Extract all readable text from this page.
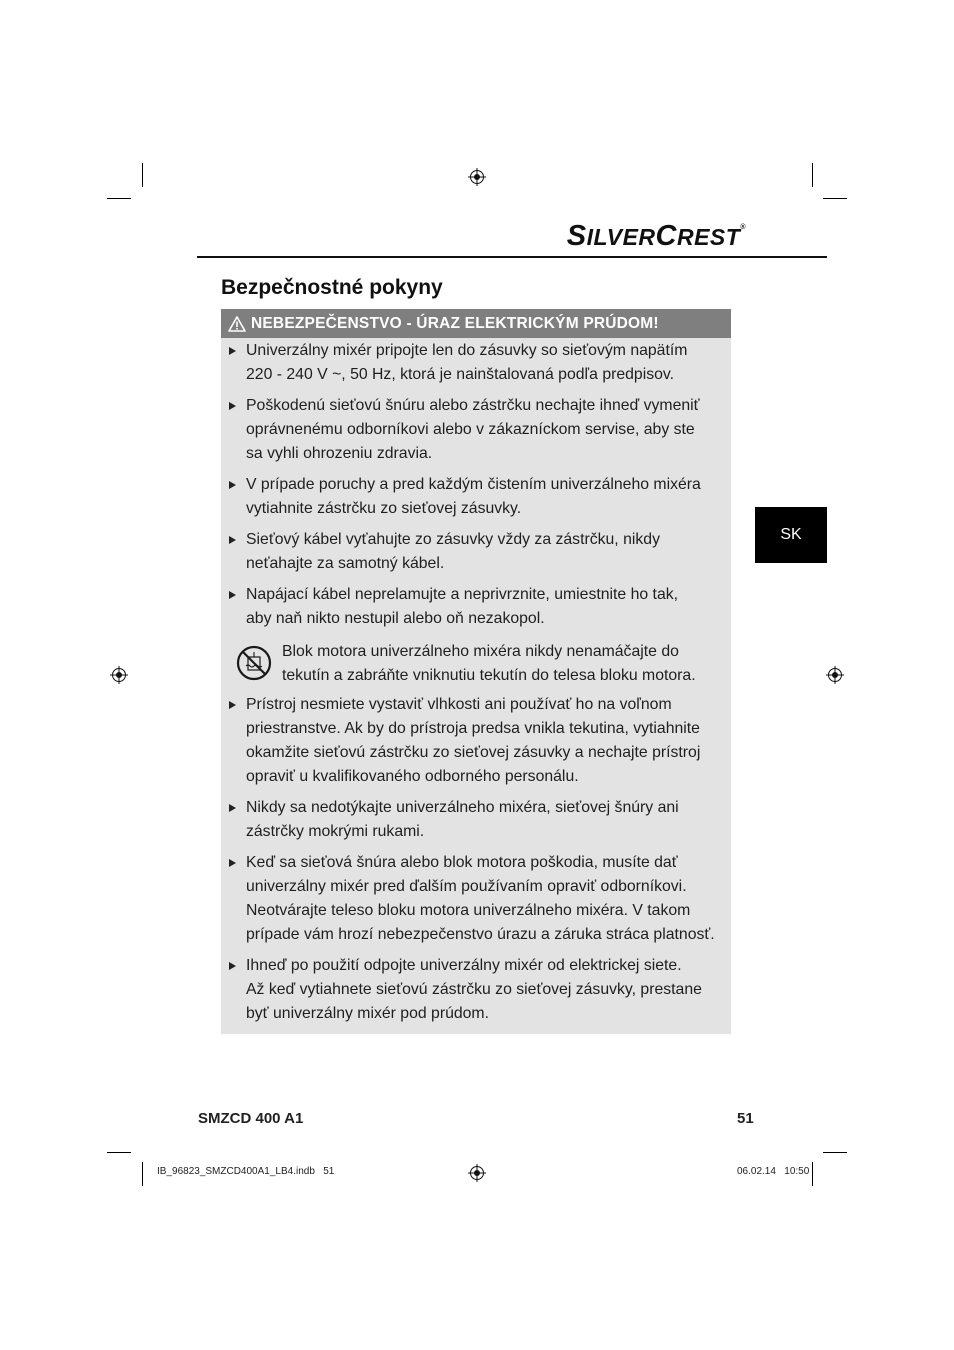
SILVERCREST®
Bezpečnostné pokyny
SK
NEBEZPEČENSTVO - ÚRAZ ELEKTRICKÝM PRÚDOM!
Univerzálny mixér pripojte len do zásuvky so sieťovým napätím
220 - 240 V ~, 50 Hz, ktorá je nainštalovaná podľa predpisov.
Poškodenú sieťovú šnúru alebo zástrčku nechajte ihneď vymeniť
oprávnenému odborníkovi alebo v zákazníckom servise, aby ste
sa vyhli ohrozeniu zdravia.
V prípade poruchy a pred každým čistením univerzálneho mixéra
vytiahnite zástrčku zo sieťovej zásuvky.
Sieťový kábel vyťahujte zo zásuvky vždy za zástrčku, nikdy
neťahajte za samotný kábel.
Napájací kábel neprelamujte a neprivrznite, umiestnite ho tak,
aby naň nikto nestupil alebo oň nezakopol.
Blok motora univerzálneho mixéra nikdy nenamáčajte do
tekutín a zabráňte vniknutiu tekutín do telesa bloku motora.
Prístroj nesmiete vystaviť vlhkosti ani používať ho na voľnom
priestranstve. Ak by do prístroja predsa vnikla tekutina, vytiahnite
okamžite sieťovú zástrčku zo sieťovej zásuvky a nechajte prístroj
opraviť u kvalifikovaného odborného personálu.
Nikdy sa nedotýkajte univerzálneho mixéra, sieťovej šnúry ani
zástrčky mokrými rukami.
Keď sa sieťová šnúra alebo blok motora poškodia, musíte dať
univerzálny mixér pred ďalším používaním opraviť odborníkovi.
Neotvárajte teleso bloku motora univerzálneho mixéra. V takom
prípade vám hrozí nebezpečenstvo úrazu a záruka stráca platnosť.
Ihneď po použití odpojte univerzálny mixér od elektrickej siete.
Až keď vytiahnete sieťovú zástrčku zo sieťovej zásuvky, prestane
byť univerzálny mixér pod prúdom.
SMZCD 400 A1	51
IB_96823_SMZCD400A1_LB4.indb   51	06.02.14   10:50
